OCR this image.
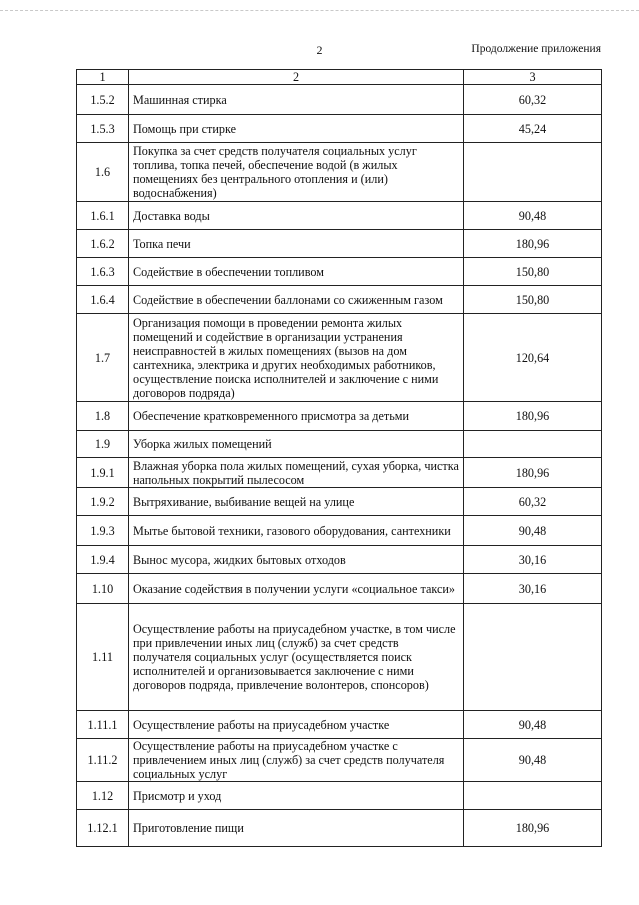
2	Продолжение приложения
1	2	3
1.5.2	Машинная стирка	60,32
1.5.3	Помощь при стирке	45,24
1.6	Покупка за счет средств получателя социальных услуг топлива, топка печей, обеспечение водой (в жилых помещениях без центрального отопления и (или) водоснабжения)	
1.6.1	Доставка воды	90,48
1.6.2	Топка печи	180,96
1.6.3	Содействие в обеспечении топливом	150,80
1.6.4	Содействие в обеспечении баллонами со сжиженным газом	150,80
1.7	Организация помощи в проведении ремонта жилых помещений и содействие в организации устранения неисправностей в жилых помещениях (вызов на дом сантехника, электрика и других необходимых работников, осуществление поиска исполнителей и заключение с ними договоров подряда)	120,64
1.8	Обеспечение кратковременного присмотра за детьми	180,96
1.9	Уборка жилых помещений	
1.9.1	Влажная уборка пола жилых помещений, сухая уборка, чистка напольных покрытий пылесосом	180,96
1.9.2	Вытряхивание, выбивание вещей на улице	60,32
1.9.3	Мытье бытовой техники, газового оборудования, сантехники	90,48
1.9.4	Вынос мусора, жидких бытовых отходов	30,16
1.10	Оказание содействия в получении услуги «социальное такси»	30,16
1.11	Осуществление работы на приусадебном участке, в том числе при привлечении иных лиц (служб) за счет средств получателя социальных услуг (осуществляется поиск исполнителей и организовывается заключение с ними договоров подряда, привлечение волонтеров, спонсоров)	
1.11.1	Осуществление работы на приусадебном участке	90,48
1.11.2	Осуществление работы на приусадебном участке с привлечением иных лиц (служб) за счет средств получателя социальных услуг	90,48
1.12	Присмотр и уход	
1.12.1	Приготовление пищи	180,96
